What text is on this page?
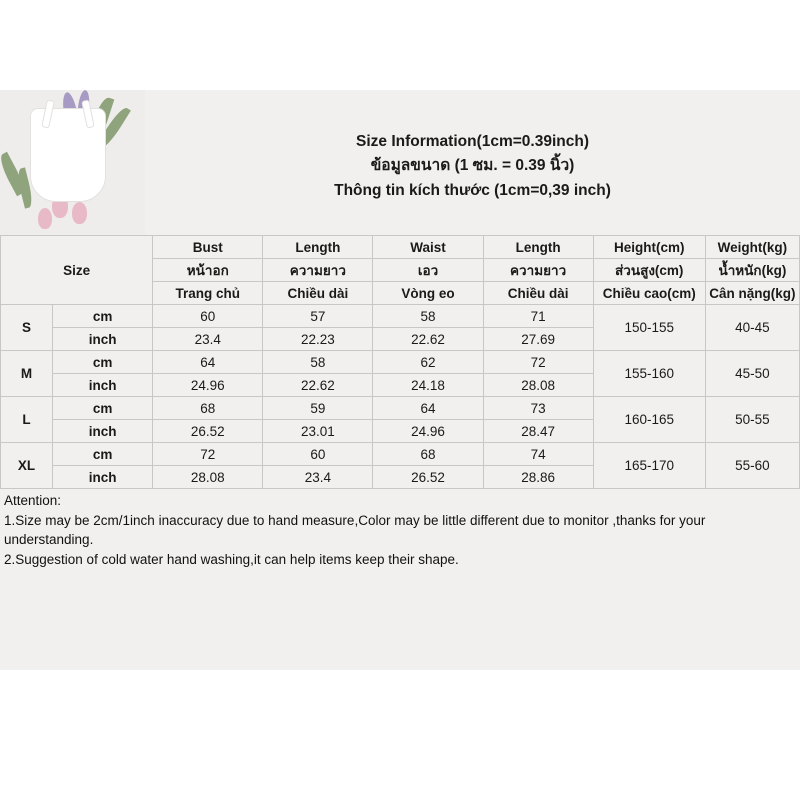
Size Information(1cm=0.39inch)
ข้อมูลขนาด (1 ซม. = 0.39 นิ้ว)
Thông tin kích thước (1cm=0,39 inch)
Size		Bust	Length	Waist	Length	Height(cm)	Weight(kg)
		หน้าอก	ความยาว	เอว	ความยาว	ส่วนสูง(cm)	น้ำหนัก(kg)
		Trang chủ	Chiều dài	Vòng eo	Chiều dài	Chiều cao(cm)	Cân nặng(kg)
S	cm	60	57	58	71	150-155	40-45
	inch	23.4	22.23	22.62	27.69		
M	cm	64	58	62	72	155-160	45-50
	inch	24.96	22.62	24.18	28.08		
L	cm	68	59	64	73	160-165	50-55
	inch	26.52	23.01	24.96	28.47		
XL	cm	72	60	68	74	165-170	55-60
	inch	28.08	23.4	26.52	28.86		
Attention:
1.Size may be 2cm/1inch inaccuracy due to hand measure,Color may be little different due to monitor ,thanks for your
understanding.
2.Suggestion of cold water hand washing,it can help items keep their shape.
